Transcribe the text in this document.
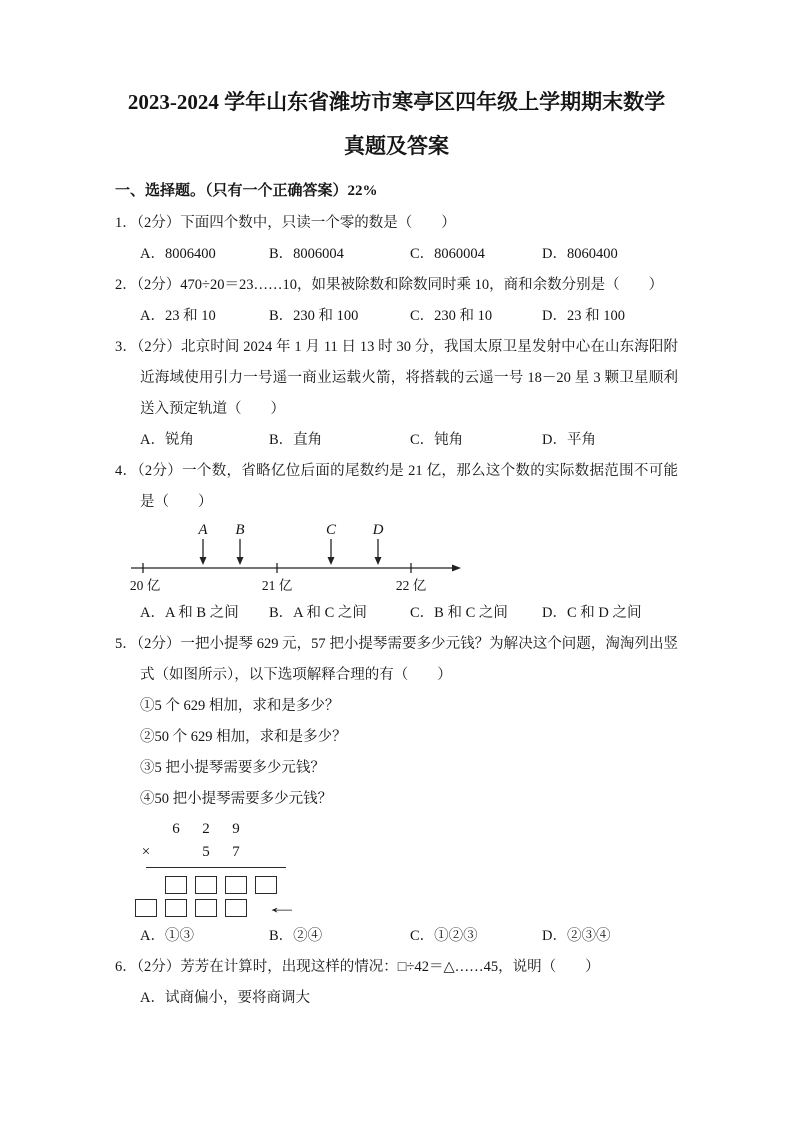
2023-2024 学年山东省潍坊市寒亭区四年级上学期期末数学
真题及答案
一、选择题。（只有一个正确答案）22%

1．（2分）下面四个数中，只读一个零的数是（　　）

A．8006400	B．8006004	C．8060004	D．8060400

2．（2分）470÷20＝23……10，如果被除数和除数同时乘 10，商和余数分别是（　　）

A．23 和 10	B．230 和 100	C．230 和 10	D．23 和 100

3．（2分）北京时间 2024 年 1 月 11 日 13 时 30 分，我国太原卫星发射中心在山东海阳附近海域使用引力一号遥一商业运载火箭，将搭载的云遥一号 18－20 星 3 颗卫星顺利送入预定轨道（　　）

A．锐角	B．直角	C．钝角	D．平角

4．（2分）一个数，省略亿位后面的尾数约是 21 亿，那么这个数的实际数据范围不可能是（　　）

A B	C D
20 亿	21 亿	22 亿
A．A 和 B 之间	B．A 和 C 之间	C．B 和 C 之间	D．C 和 D 之间

5．（2分）一把小提琴 629 元，57 把小提琴需要多少元钱？为解决这个问题，淘淘列出竖式（如图所示），以下选项解释合理的有（　　）

①5 个 629 相加，求和是多少？

②50 个 629 相加，求和是多少？

③5 把小提琴需要多少元钱？

④50 把小提琴需要多少元钱？

6	2	9
×	5	7
←
A．①③	B．②④	C．①②③	D．②③④

6．（2分）芳芳在计算时，出现这样的情况：□÷42＝△……45，说明（　　）

A．试商偏小，要将商调大
